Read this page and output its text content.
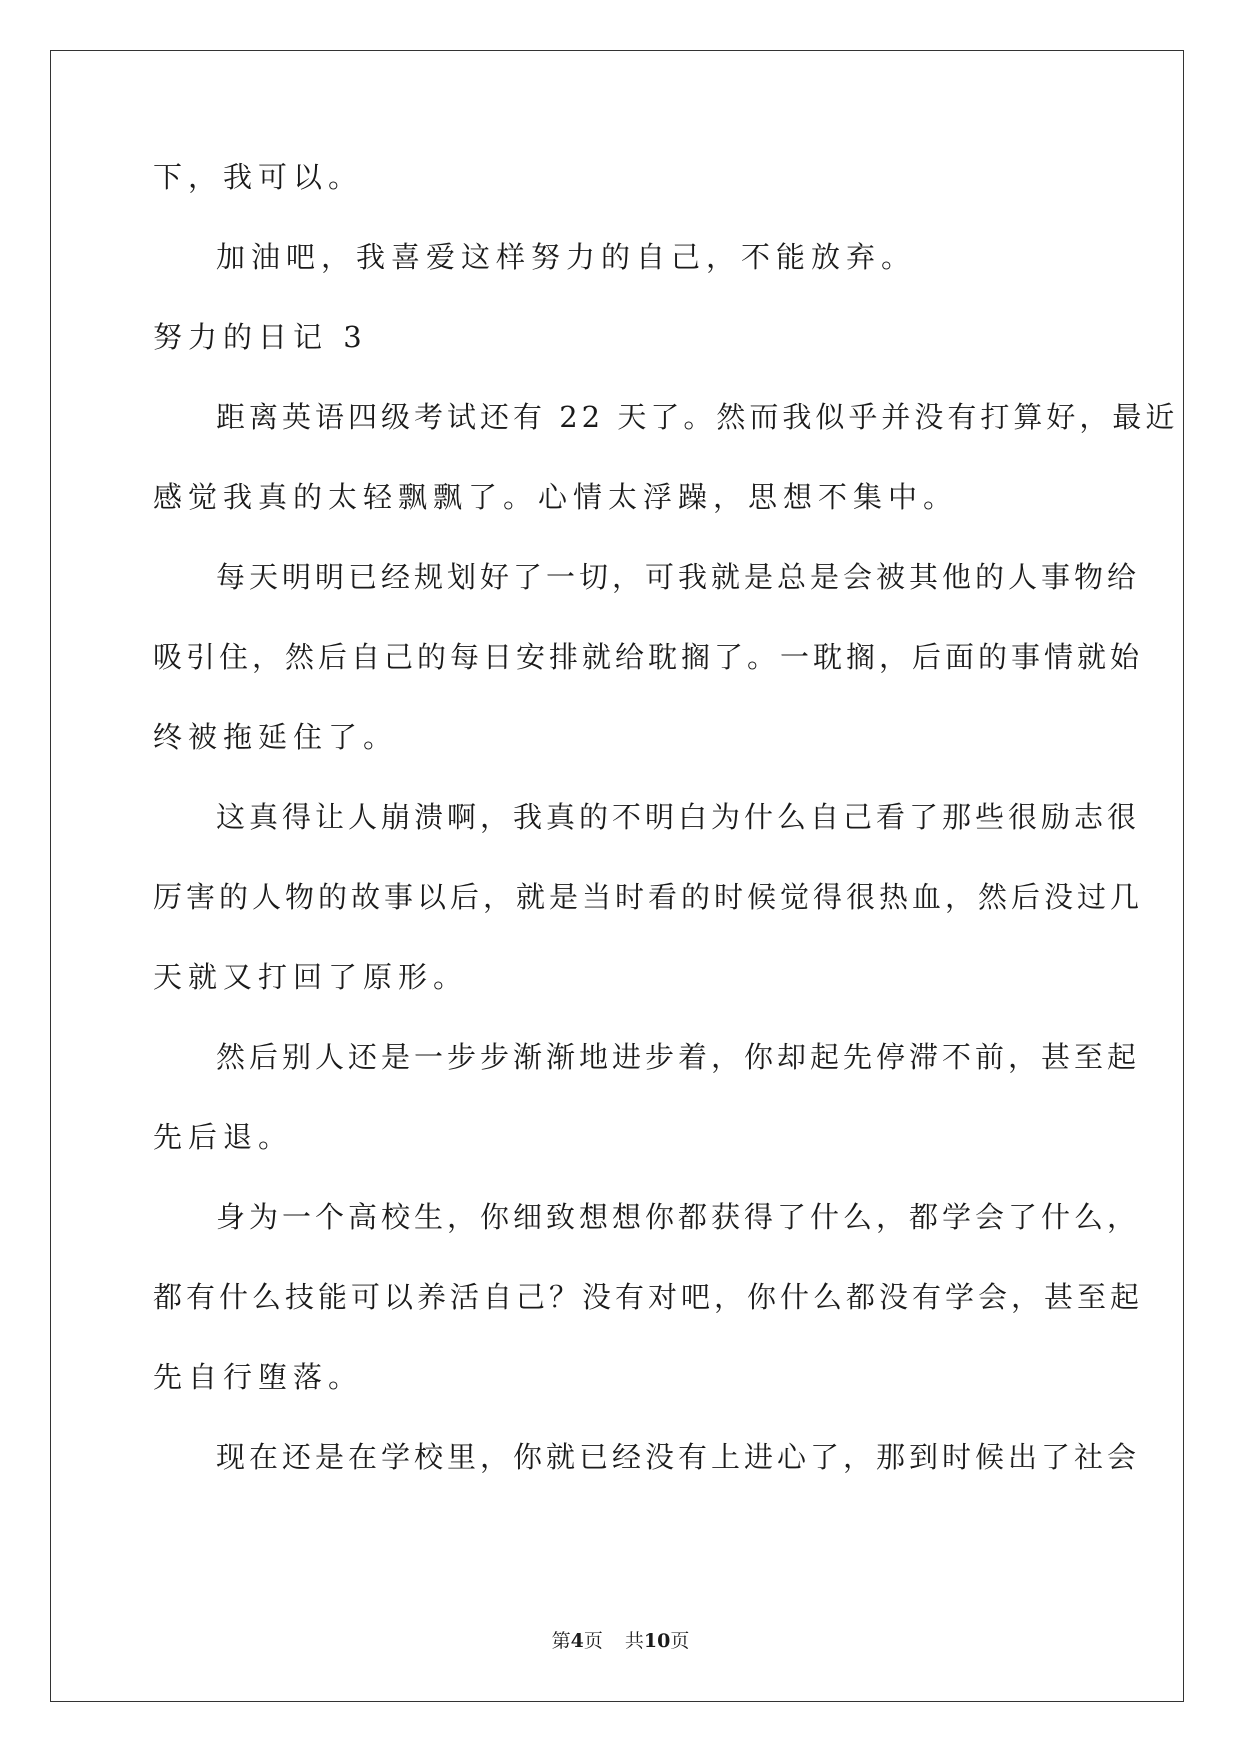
下，我可以。
加油吧，我喜爱这样努力的自己，不能放弃。
努力的日记 3
距离英语四级考试还有 22 天了。然而我似乎并没有打算好，最近
感觉我真的太轻飘飘了。心情太浮躁，思想不集中。
每天明明已经规划好了一切，可我就是总是会被其他的人事物给
吸引住，然后自己的每日安排就给耽搁了。一耽搁，后面的事情就始
终被拖延住了。
这真得让人崩溃啊，我真的不明白为什么自己看了那些很励志很
厉害的人物的故事以后，就是当时看的时候觉得很热血，然后没过几
天就又打回了原形。
然后别人还是一步步渐渐地进步着，你却起先停滞不前，甚至起
先后退。
身为一个高校生，你细致想想你都获得了什么，都学会了什么，
都有什么技能可以养活自己？没有对吧，你什么都没有学会，甚至起
先自行堕落。
现在还是在学校里，你就已经没有上进心了，那到时候出了社会
第4页 共10页
